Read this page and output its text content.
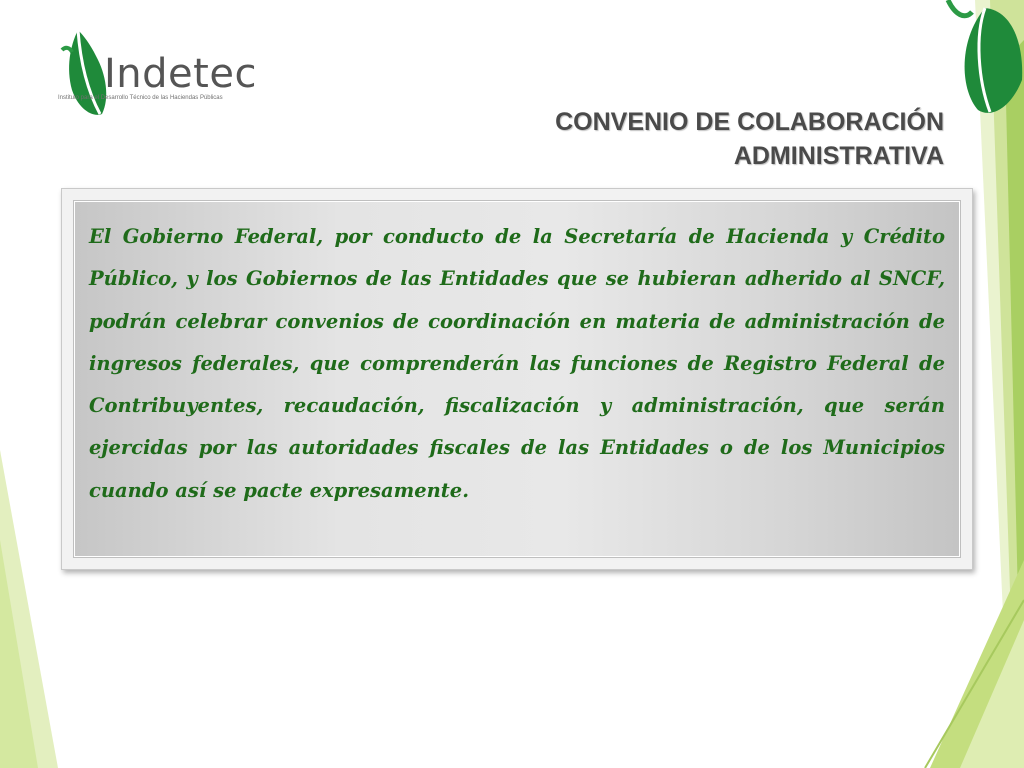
Indetec
Instituto para el Desarrollo Técnico de las Haciendas Públicas
CONVENIO DE COLABORACIÓN
ADMINISTRATIVA

El Gobierno Federal, por conducto de la Secretaría de Hacienda y Crédito Público, y los Gobiernos de las Entidades que se hubieran adherido al SNCF, podrán celebrar convenios de coordinación en materia de administración de ingresos federales, que comprenderán las funciones de Registro Federal de Contribuyentes, recaudación, fiscalización y administración, que serán ejercidas por las autoridades fiscales de las Entidades o de los Municipios cuando así se pacte expresamente.
